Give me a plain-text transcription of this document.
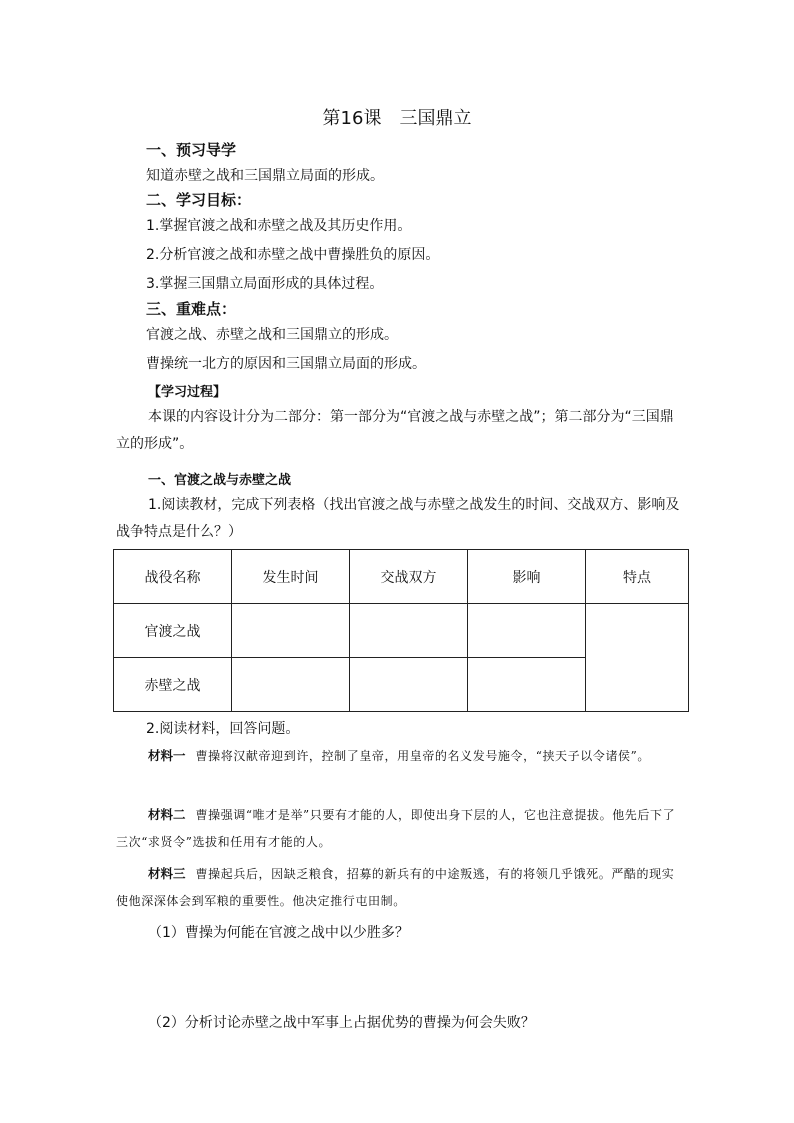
第16课　三国鼎立
一、预习导学
知道赤壁之战和三国鼎立局面的形成。
二、学习目标：
1.掌握官渡之战和赤壁之战及其历史作用。
2.分析官渡之战和赤壁之战中曹操胜负的原因。
3.掌握三国鼎立局面形成的具体过程。
三、重难点：
官渡之战、赤壁之战和三国鼎立的形成。
曹操统一北方的原因和三国鼎立局面的形成。
【学习过程】
本课的内容设计分为二部分：第一部分为“官渡之战与赤壁之战”；第二部分为“三国鼎立的形成”。
一、官渡之战与赤壁之战
1.阅读教材，完成下列表格（找出官渡之战与赤壁之战发生的时间、交战双方、影响及战争特点是什么？）
战役名称	发生时间	交战双方	影响	特点
官渡之战				
赤壁之战				
2.阅读材料，回答问题。
材料一 曹操将汉献帝迎到许，控制了皇帝，用皇帝的名义发号施令，“挟天子以令诸侯”。
材料二 曹操强调“唯才是举”只要有才能的人，即使出身下层的人，它也注意提拔。他先后下了三次“求贤令”选拔和任用有才能的人。
材料三 曹操起兵后，因缺乏粮食，招募的新兵有的中途叛逃，有的将领几乎饿死。严酷的现实使他深深体会到军粮的重要性。他决定推行屯田制。
（1）曹操为何能在官渡之战中以少胜多？
（2）分析讨论赤壁之战中军事上占据优势的曹操为何会失败？
